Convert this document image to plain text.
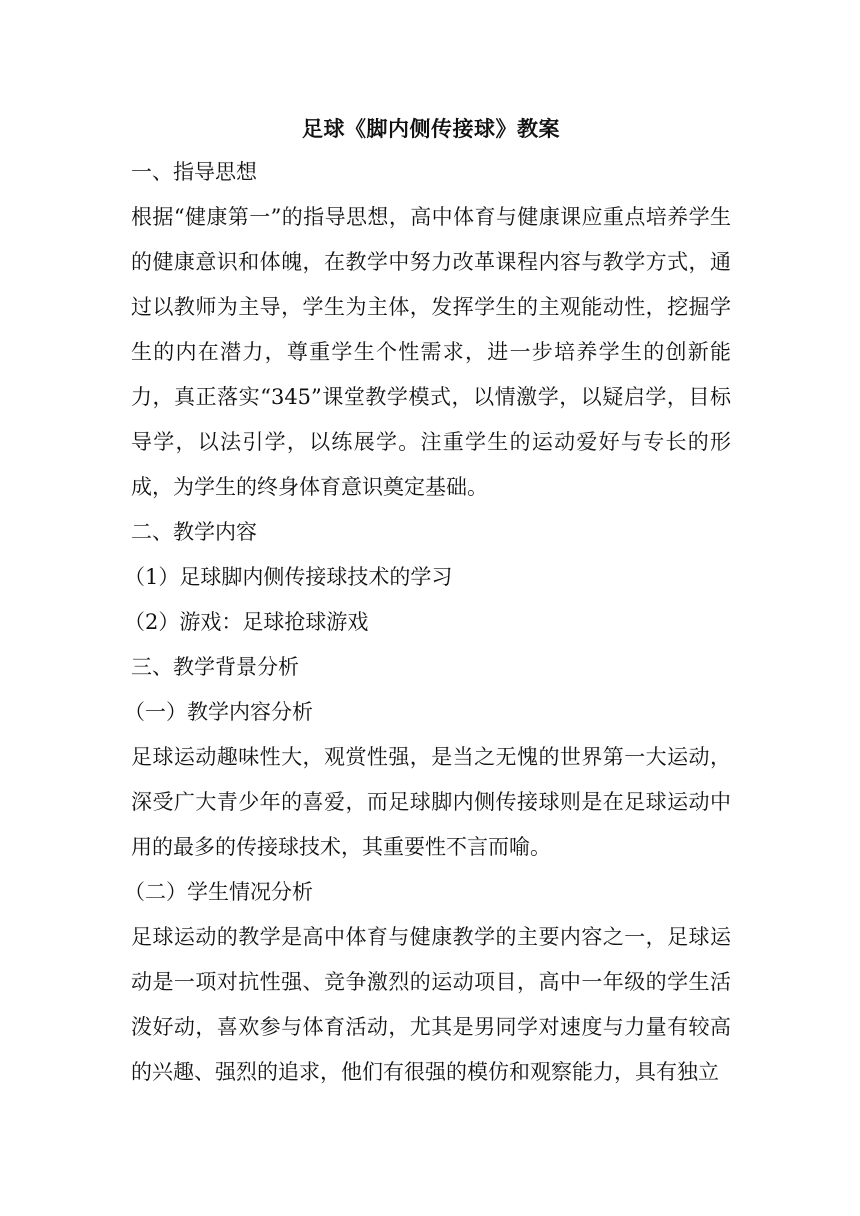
足球《脚内侧传接球》教案

一、指导思想

根据“健康第一”的指导思想，高中体育与健康课应重点培养学生的健康意识和体魄，在教学中努力改革课程内容与教学方式，通过以教师为主导，学生为主体，发挥学生的主观能动性，挖掘学生的内在潜力，尊重学生个性需求，进一步培养学生的创新能力，真正落实“345”课堂教学模式，以情激学，以疑启学，目标导学，以法引学，以练展学。注重学生的运动爱好与专长的形成，为学生的终身体育意识奠定基础。

二、教学内容

（1）足球脚内侧传接球技术的学习

（2）游戏：足球抢球游戏

三、教学背景分析

（一）教学内容分析

足球运动趣味性大，观赏性强，是当之无愧的世界第一大运动，深受广大青少年的喜爱，而足球脚内侧传接球则是在足球运动中用的最多的传接球技术，其重要性不言而喻。

（二）学生情况分析

足球运动的教学是高中体育与健康教学的主要内容之一，足球运动是一项对抗性强、竞争激烈的运动项目，高中一年级的学生活泼好动，喜欢参与体育活动，尤其是男同学对速度与力量有较高的兴趣、强烈的追求，他们有很强的模仿和观察能力，具有独立
